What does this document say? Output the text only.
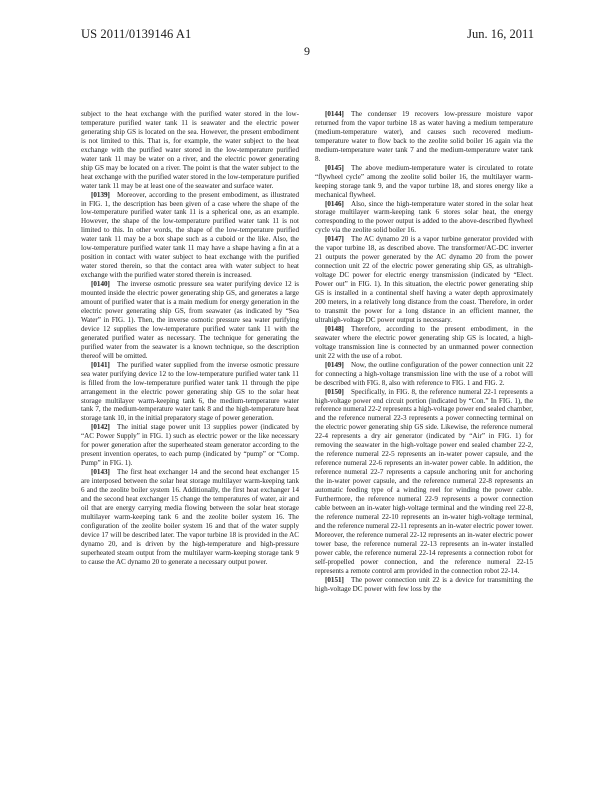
US 2011/0139146 A1	Jun. 16, 2011
9

subject to the heat exchange with the purified water stored in the low-temperature purified water tank 11 is seawater and the electric power generating ship GS is located on the sea. However, the present embodiment is not limited to this. That is, for example, the water subject to the heat exchange with the purified water stored in the low-temperature purified water tank 11 may be water on a river, and the electric power generating ship GS may be located on a river. The point is that the water subject to the heat exchange with the purified water stored in the low-temperature purified water tank 11 may be at least one of the seawater and surface water.

[0139]  Moreover, according to the present embodiment, as illustrated in FIG. 1, the description has been given of a case where the shape of the low-temperature purified water tank 11 is a spherical one, as an example. However, the shape of the low-temperature purified water tank 11 is not limited to this. In other words, the shape of the low-temperature purified water tank 11 may be a box shape such as a cuboid or the like. Also, the low-temperature purified water tank 11 may have a shape having a fin at a position in contact with water subject to heat exchange with the purified water stored therein, so that the contact area with water subject to heat exchange with the purified water stored therein is increased.

[0140]  The inverse osmotic pressure sea water purifying device 12 is mounted inside the electric power generating ship GS, and generates a large amount of purified water that is a main medium for energy generation in the electric power generating ship GS, from seawater (as indicated by “Sea Water” in FIG. 1). Then, the inverse osmotic pressure sea water purifying device 12 supplies the low-temperature purified water tank 11 with the generated purified water as necessary. The technique for generating the purified water from the seawater is a known technique, so the description thereof will be omitted.

[0141]  The purified water supplied from the inverse osmotic pressure sea water purifying device 12 to the low-temperature purified water tank 11 is filled from the low-temperature purified water tank 11 through the pipe arrangement in the electric power generating ship GS to the solar heat storage multilayer warm-keeping tank 6, the medium-temperature water tank 7, the medium-temperature water tank 8 and the high-temperature heat storage tank 10, in the initial preparatory stage of power generation.

[0142]  The initial stage power unit 13 supplies power (indicated by “AC Power Supply” in FIG. 1) such as electric power or the like necessary for power generation after the superheated steam generator according to the present invention operates, to each pump (indicated by “pump” or “Comp. Pump” in FIG. 1).

[0143]  The first heat exchanger 14 and the second heat exchanger 15 are interposed between the solar heat storage multilayer warm-keeping tank 6 and the zeolite boiler system 16. Additionally, the first heat exchanger 14 and the second heat exchanger 15 change the temperatures of water, air and oil that are energy carrying media flowing between the solar heat storage multilayer warm-keeping tank 6 and the zeolite boiler system 16. The configuration of the zeolite boiler system 16 and that of the water supply device 17 will be described later. The vapor turbine 18 is provided in the AC dynamo 20, and is driven by the high-temperature and high-pressure superheated steam output from the multilayer warm-keeping storage tank 9 to cause the AC dynamo 20 to generate a necessary output power.

[0144]  The condenser 19 recovers low-pressure moisture vapor returned from the vapor turbine 18 as water having a medium temperature (medium-temperature water), and causes such recovered medium-temperature water to flow back to the zeolite solid boiler 16 again via the medium-temperature water tank 7 and the medium-temperature water tank 8.

[0145]  The above medium-temperature water is circulated to rotate “flywheel cycle” among the zeolite solid boiler 16, the multilayer warm-keeping storage tank 9, and the vapor turbine 18, and stores energy like a mechanical flywheel.

[0146]  Also, since the high-temperature water stored in the solar heat storage multilayer warm-keeping tank 6 stores solar heat, the energy corresponding to the power output is added to the above-described flywheel cycle via the zeolite solid boiler 16.

[0147]  The AC dynamo 20 is a vapor turbine generator provided with the vapor turbine 18, as described above. The transformer/AC-DC inverter 21 outputs the power generated by the AC dynamo 20 from the power connection unit 22 of the electric power generating ship GS, as ultrahigh-voltage DC power for electric energy transmission (indicated by “Elect. Power out” in FIG. 1). In this situation, the electric power generating ship GS is installed in a continental shelf having a water depth approximately 200 meters, in a relatively long distance from the coast. Therefore, in order to transmit the power for a long distance in an efficient manner, the ultrahigh-voltage DC power output is necessary.

[0148]  Therefore, according to the present embodiment, in the seawater where the electric power generating ship GS is located, a high-voltage transmission line is connected by an unmanned power connection unit 22 with the use of a robot.

[0149]  Now, the outline configuration of the power connection unit 22 for connecting a high-voltage transmission line with the use of a robot will be described with FIG. 8, also with reference to FIG. 1 and FIG. 2.

[0150]  Specifically, in FIG. 8, the reference numeral 22-1 represents a high-voltage power end circuit portion (indicated by “Con.” In FIG. 1), the reference numeral 22-2 represents a high-voltage power end sealed chamber, and the reference numeral 22-3 represents a power connecting terminal on the electric power generating ship GS side. Likewise, the reference numeral 22-4 represents a dry air generator (indicated by “Air” in FIG. 1) for removing the seawater in the high-voltage power end sealed chamber 22-2, the reference numeral 22-5 represents an in-water power capsule, and the reference numeral 22-6 represents an in-water power cable. In addition, the reference numeral 22-7 represents a capsule anchoring unit for anchoring the in-water power capsule, and the reference numeral 22-8 represents an automatic feeding type of a winding reel for winding the power cable. Furthermore, the reference numeral 22-9 represents a power connection cable between an in-water high-voltage terminal and the winding reel 22-8, the reference numeral 22-10 represents an in-water high-voltage terminal, and the reference numeral 22-11 represents an in-water electric power tower. Moreover, the reference numeral 22-12 represents an in-water electric power tower base, the reference numeral 22-13 represents an in-water installed power cable, the reference numeral 22-14 represents a connection robot for self-propelled power connection, and the reference numeral 22-15 represents a remote control arm provided in the connection robot 22-14.

[0151]  The power connection unit 22 is a device for transmitting the high-voltage DC power with few loss by the
